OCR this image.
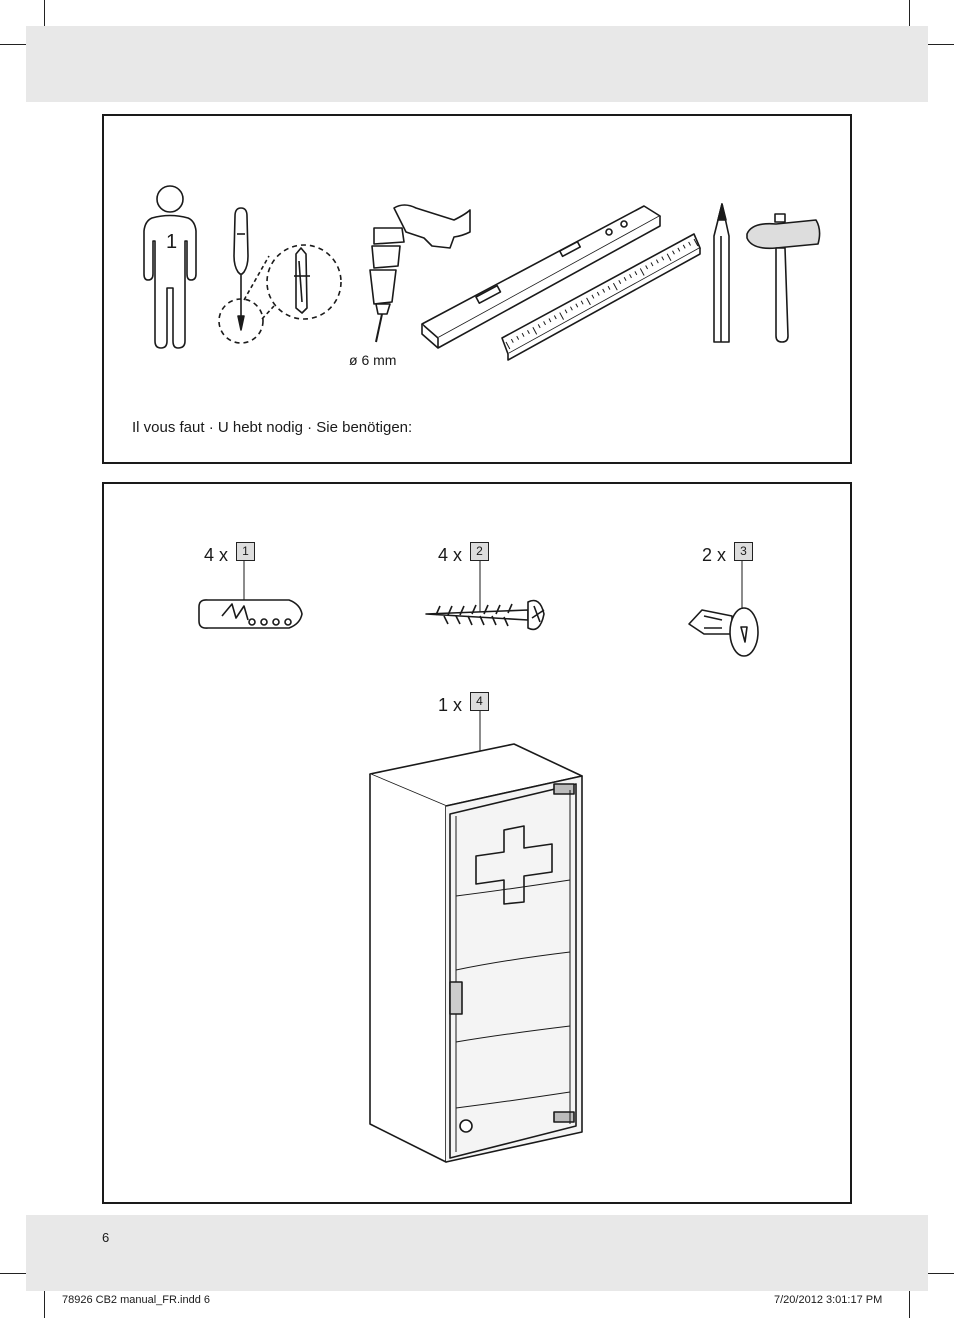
1
ø 6 mm
Il vous faut · U hebt nodig · Sie benötigen:
4 x	1	4 x	2	2 x	3
1 x	4
6
78926 CB2 manual_FR.indd 6	7/20/2012 3:01:17 PM
